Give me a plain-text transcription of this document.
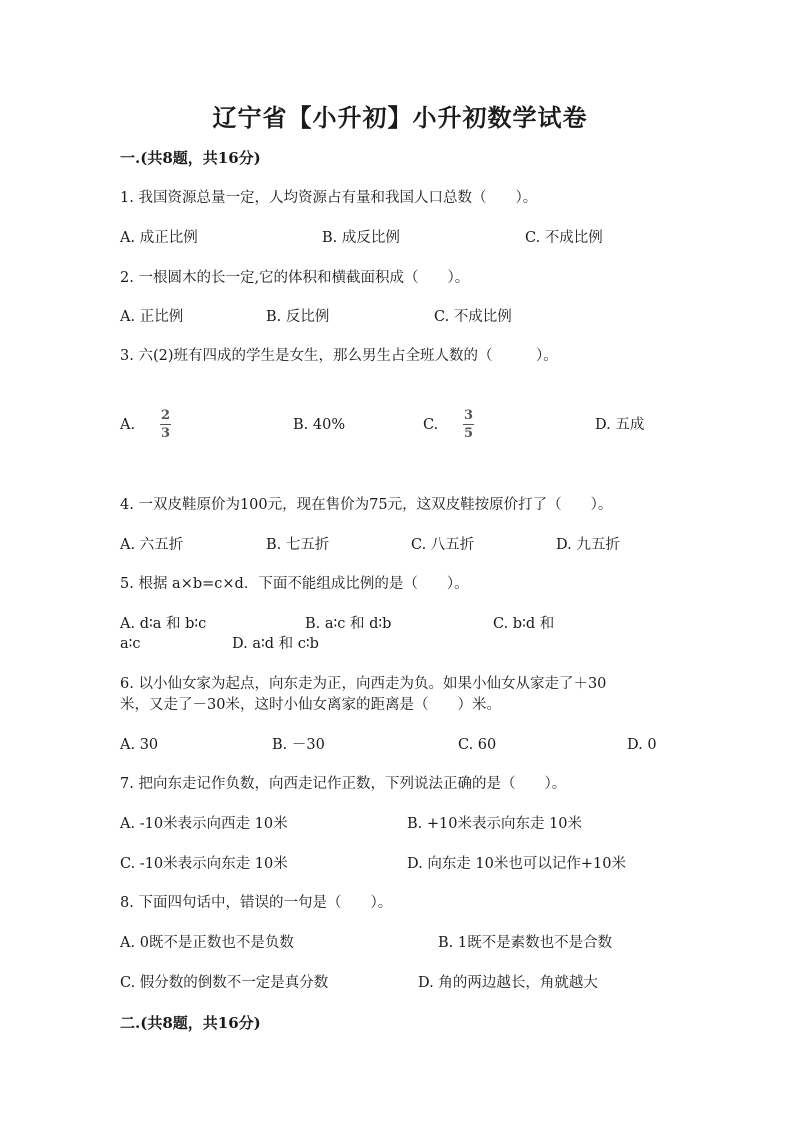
辽宁省【小升初】小升初数学试卷
一.(共8题，共16分)
1. 我国资源总量一定，人均资源占有量和我国人口总数（　　）。
A. 成正比例	B. 成反比例	C. 不成比例
2. 一根圆木的长一定,它的体积和横截面积成（　　）。
A. 正比例	B. 反比例	C. 不成比例
3. 六(2)班有四成的学生是女生，那么男生占全班人数的（　　　）。
A.
2
3
B. 40%	C.
3
5
D. 五成
4. 一双皮鞋原价为100元，现在售价为75元，这双皮鞋按原价打了（　　）。
A. 六五折	B. 七五折	C. 八五折	D. 九五折
5. 根据 a×b=c×d．下面不能组成比例的是（　　）。
A. d∶a 和 b∶c	B. a∶c 和 d∶b	C. b∶d 和
a∶c	D. a∶d 和 c∶b
6. 以小仙女家为起点，向东走为正，向西走为负。如果小仙女从家走了＋30
米，又走了－30米，这时小仙女离家的距离是（　　）米。
A. 30	B. －30	C. 60	D. 0
7. 把向东走记作负数，向西走记作正数，下列说法正确的是（　　）。
A. -10米表示向西走 10米	B. +10米表示向东走 10米
C. -10米表示向东走 10米	D. 向东走 10米也可以记作+10米
8. 下面四句话中，错误的一句是（　　）。
A. 0既不是正数也不是负数	B. 1既不是素数也不是合数
C. 假分数的倒数不一定是真分数	D. 角的两边越长，角就越大
二.(共8题，共16分)
